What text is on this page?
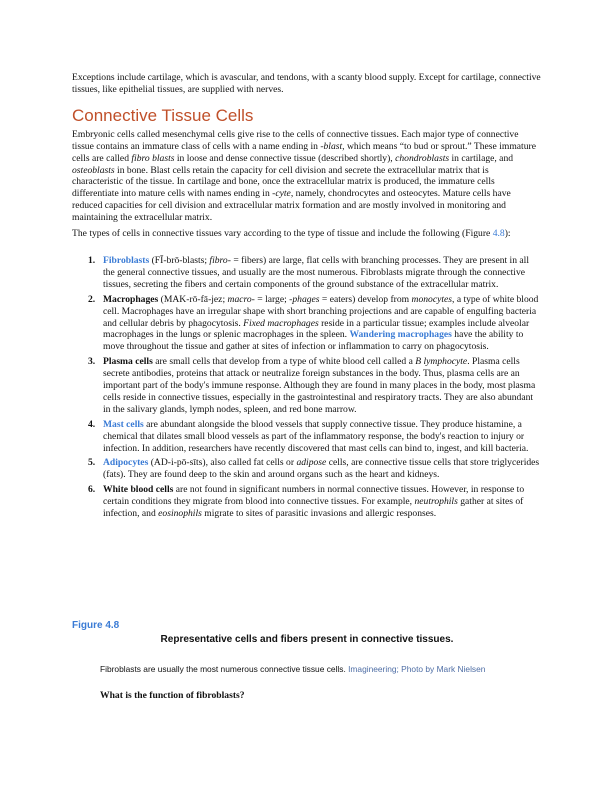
Exceptions include cartilage, which is avascular, and tendons, with a scanty blood supply. Except for cartilage, connective tissues, like epithelial tissues, are supplied with nerves.

Connective Tissue Cells

Embryonic cells called mesenchymal cells give rise to the cells of connective tissues. Each major type of connective tissue contains an immature class of cells with a name ending in -blast, which means “to bud or sprout.” These immature cells are called fibro blasts in loose and dense connective tissue (described shortly), chondroblasts in cartilage, and osteoblasts in bone. Blast cells retain the capacity for cell division and secrete the extracellular matrix that is characteristic of the tissue. In cartilage and bone, once the extracellular matrix is produced, the immature cells differentiate into mature cells with names ending in -cyte, namely, chondrocytes and osteocytes. Mature cells have reduced capacities for cell division and extracellular matrix formation and are mostly involved in monitoring and maintaining the extracellular matrix.

The types of cells in connective tissues vary according to the type of tissue and include the following (Figure 4.8):

1. Fibroblasts (FĪ-brō-blasts; fibro- = fibers) are large, flat cells with branching processes. They are present in all the general connective tissues, and usually are the most numerous. Fibroblasts migrate through the connective tissues, secreting the fibers and certain components of the ground substance of the extracellular matrix.
2. Macrophages (MAK-rō-fā-jez; macro- = large; -phages = eaters) develop from monocytes, a type of white blood cell. Macrophages have an irregular shape with short branching projections and are capable of engulfing bacteria and cellular debris by phagocytosis. Fixed macrophages reside in a particular tissue; examples include alveolar macrophages in the lungs or splenic macrophages in the spleen. Wandering macrophages have the ability to move throughout the tissue and gather at sites of infection or inflammation to carry on phagocytosis.
3. Plasma cells are small cells that develop from a type of white blood cell called a B lymphocyte. Plasma cells secrete antibodies, proteins that attack or neutralize foreign substances in the body. Thus, plasma cells are an important part of the body's immune response. Although they are found in many places in the body, most plasma cells reside in connective tissues, especially in the gastrointestinal and respiratory tracts. They are also abundant in the salivary glands, lymph nodes, spleen, and red bone marrow.
4. Mast cells are abundant alongside the blood vessels that supply connective tissue. They produce histamine, a chemical that dilates small blood vessels as part of the inflammatory response, the body's reaction to injury or infection. In addition, researchers have recently discovered that mast cells can bind to, ingest, and kill bacteria.
5. Adipocytes (AD-i-pō-sīts), also called fat cells or adipose cells, are connective tissue cells that store triglycerides (fats). They are found deep to the skin and around organs such as the heart and kidneys.
6. White blood cells are not found in significant numbers in normal connective tissues. However, in response to certain conditions they migrate from blood into connective tissues. For example, neutrophils gather at sites of infection, and eosinophils migrate to sites of parasitic invasions and allergic responses.
Figure 4.8
Representative cells and fibers present in connective tissues.
Fibroblasts are usually the most numerous connective tissue cells. Imagineering; Photo by Mark Nielsen
What is the function of fibroblasts?
